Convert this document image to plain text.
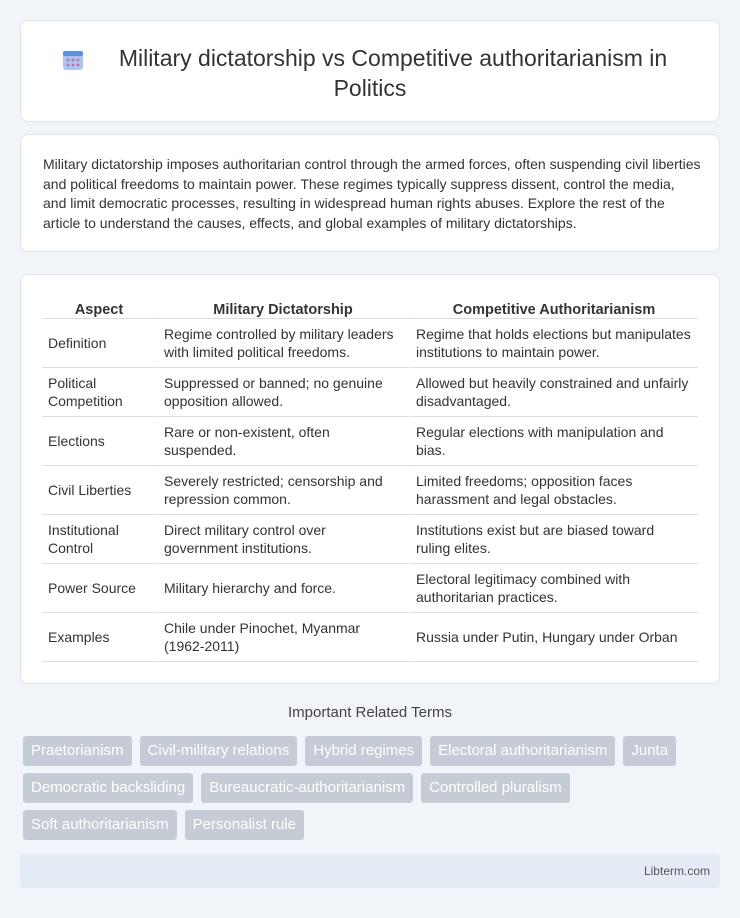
Military dictatorship vs Competitive authoritarianism in
Politics

Military dictatorship imposes authoritarian control through the armed forces, often suspending civil liberties and political freedoms to maintain power. These regimes typically suppress dissent, control the media, and limit democratic processes, resulting in widespread human rights abuses. Explore the rest of the article to understand the causes, effects, and global examples of military dictatorships.

Aspect	Military Dictatorship	Competitive Authoritarianism
Definition	Regime controlled by military leaders with limited political freedoms.	Regime that holds elections but manipulates institutions to maintain power.
Political Competition	Suppressed or banned; no genuine opposition allowed.	Allowed but heavily constrained and unfairly disadvantaged.
Elections	Rare or non-existent, often suspended.	Regular elections with manipulation and bias.
Civil Liberties	Severely restricted; censorship and repression common.	Limited freedoms; opposition faces harassment and legal obstacles.
Institutional Control	Direct military control over government institutions.	Institutions exist but are biased toward ruling elites.
Power Source	Military hierarchy and force.	Electoral legitimacy combined with authoritarian practices.
Examples	Chile under Pinochet, Myanmar (1962-2011)	Russia under Putin, Hungary under Orban
Important Related Terms
Praetorianism	Civil-military relations	Hybrid regimes	Electoral authoritarianism	Junta
Democratic backsliding	Bureaucratic-authoritarianism	Controlled pluralism
Soft authoritarianism	Personalist rule
Libterm.com
